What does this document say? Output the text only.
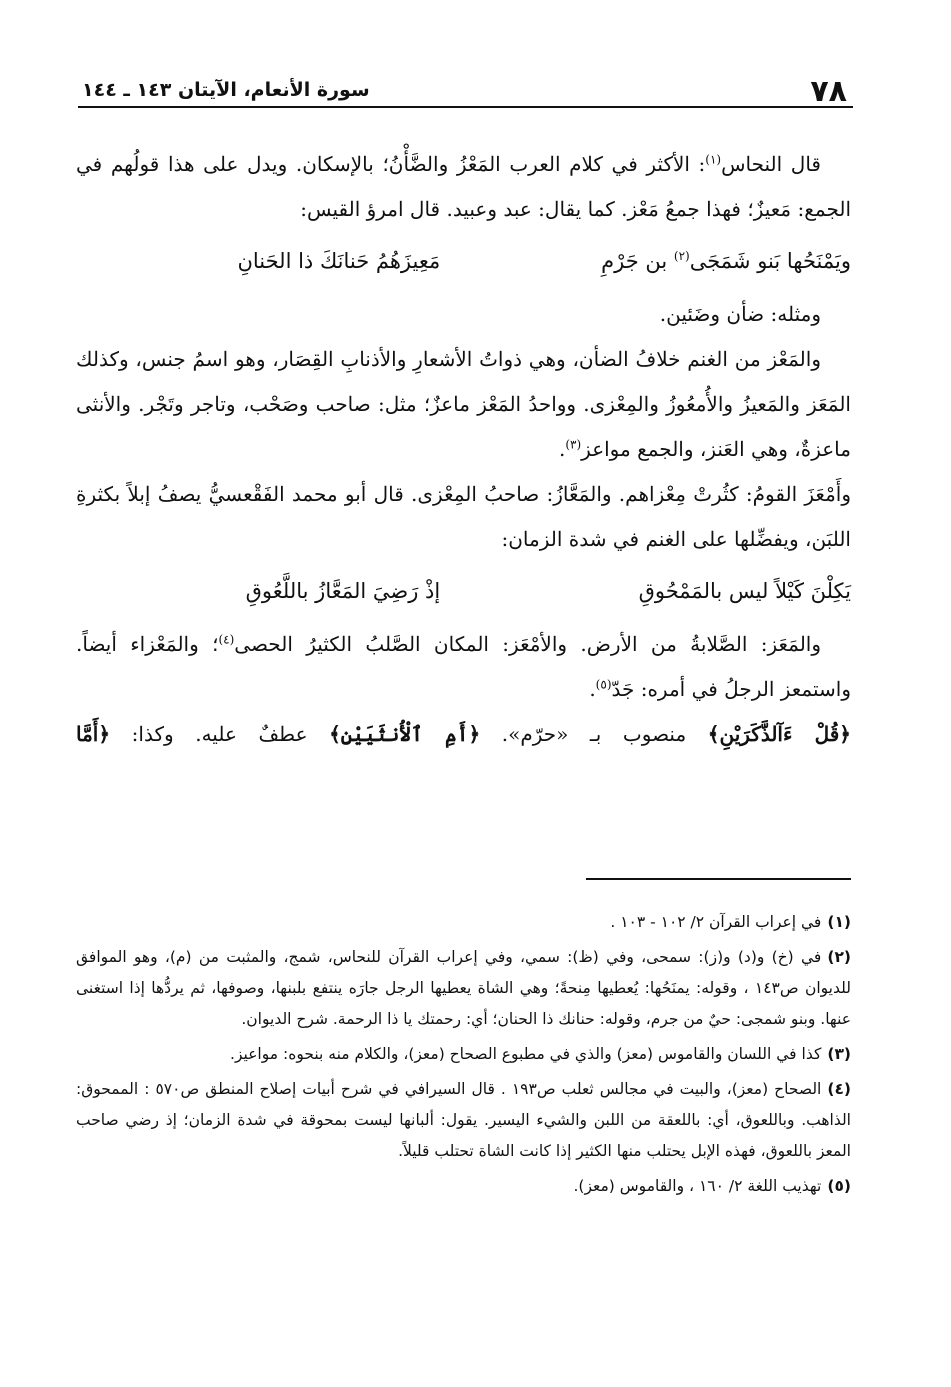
٧٨
سورة الأنعام، الآيتان ١٤٣ ـ ١٤٤

قال النحاس$^{(١)}$: الأكثر في كلام العرب المَعْزُ والضَّأْنُ؛ بالإسكان. ويدل على هذا قولُهم في الجمع: مَعيزٌ؛ فهذا جمعُ مَعْز. كما يقال: عبد وعبيد. قال امرؤ القيس:

ويَمْنَحُها بَنو شَمَجَى$^{(٢)}$ بن جَرْمِ
مَعِيزَهُمُ حَنانَكَ ذا الحَنانِ

ومثله: ضأن وضَئين.

والمَعْز من الغنم خلافُ الضأن، وهي ذواتُ الأشعارِ والأذنابِ القِصَار، وهو اسمُ جنس، وكذلك المَعَز والمَعيزُ والأُمعُوزُ والمِعْزى. وواحدُ المَعْز ماعزٌ؛ مثل: صاحب وصَحْب، وتاجر وتَجْر. والأنثى ماعزةٌ، وهي العَنز، والجمع مواعز$^{(٣)}$.

وأَمْعَزَ القومُ: كثُرتْ مِعْزاهم. والمَعَّازُ: صاحبُ المِعْزى. قال أبو محمد الفَقْعسيُّ يصفُ إبلاً بكثرةِ اللبَن، ويفضِّلها على الغنم في شدة الزمان:

يَكِلْنَ كَيْلاً ليس بالمَمْحُوقِ
إذْ رَضِيَ المَعَّازُ باللَّعُوقِ

والمَعَز: الصَّلابةُ من الأرض. والأمْعَز: المكان الصَّلبُ الكثيرُ الحصى$^{(٤)}$؛ والمَعْزاء أيضاً. واستمعز الرجلُ في أمره: جَدّ$^{(٥)}$.

﴿قُلْ ءَآلذَّكَرَيْنِ﴾ منصوب بـ «حرّم». ﴿أَمِ ٱلْأُنثَيَيْنِ﴾ عطفٌ عليه. وكذا: ﴿أَمَّا

(١)في إعراب القرآن ٢/ ١٠٢ - ١٠٣ .

(٢)في (خ) و(د) و(ز): سمحى، وفي (ظ): سمي، وفي إعراب القرآن للنحاس، شمج، والمثبت من (م)، وهو الموافق للديوان ص١٤٣ ، وقوله: يمنَحُها: يُعطيها مِنحةً؛ وهي الشاة يعطيها الرجل جارَه ينتفع بلبنها، وصوفها، ثم يردُّها إذا استغنى عنها. وبنو شمجى: حيٌ من جرم، وقوله: حنانك ذا الحنان؛ أي: رحمتك يا ذا الرحمة. شرح الديوان.

(٣)كذا في اللسان والقاموس (معز) والذي في مطبوع الصحاح (معز)، والكلام منه بنحوه: مواعيز.

(٤)الصحاح (معز)، والبيت في مجالس ثعلب ص١٩٣ . قال السيرافي في شرح أبيات إصلاح المنطق ص٥٧٠ : الممحوق: الذاهب. وباللعوق، أي: باللعقة من اللبن والشيء اليسير. يقول: ألبانها ليست بمحوقة في شدة الزمان؛ إذ رضي صاحب المعز باللعوق، فهذه الإبل يحتلب منها الكثير إذا كانت الشاة تحتلب قليلاً.

(٥)تهذيب اللغة ٢/ ١٦٠ ، والقاموس (معز).
